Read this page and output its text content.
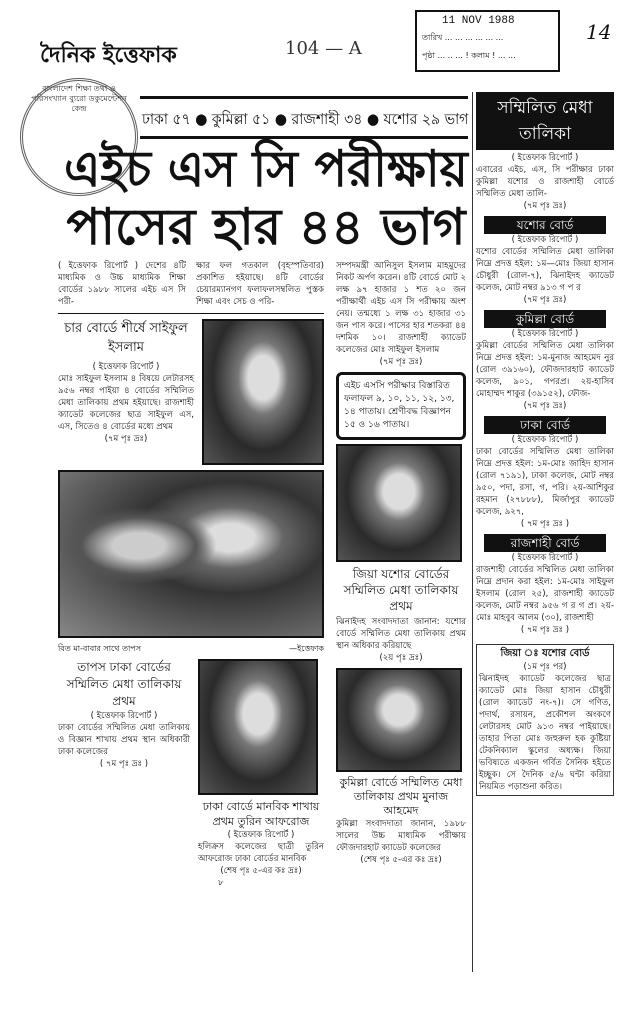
দৈনিক ইত্তেফাক	104 — A
11 NOV 1988
তারিখ ... ... ... ... ... ...
পৃষ্ঠা ... .. ... ! কলাম ! ... ...
14
বাংলাদেশ শিক্ষা তথ্য ও পরিসংখ্যান ব্যুরো ডকুমেন্টেশন কেন্দ্র
ঢাকা ৫৭ ● কুমিল্লা ৫১ ● রাজশাহী ৩৪ ● যশোর ২৯ ভাগ
এইচ এস সি পরীক্ষায়
পাসের হার ৪৪ ভাগ
( ইত্তেফাক রিপোর্ট ) দেশের ৪টি মাধ্যমিক ও উচ্চ মাধ্যমিক শিক্ষা বোর্ডের ১৯৮৮ সালের এইচ এস সি পরী-
ক্ষার ফল গতকাল (বৃহস্পতিবার) প্রকাশিত হইয়াছে। ৪টি বোর্ডের চেয়ারম্যানগণ ফলাফলসম্বলিত পুস্তক শিক্ষা এবং সেচ ও পরি-
চার বোর্ডে শীর্ষে সাইফুল ইসলাম
( ইত্তেফাক রিপোর্ট )
মোঃ সাইফুল ইসলাম ৪ বিষয়ে লেটারসহ ৯৫৬ নম্বর পাইয়া ৪ বোর্ডের সম্মিলিত মেধা তালিকায় প্রথম হইয়াছে। রাজশাহী ক্যাডেট কলেজের ছাত্র সাইফুল এস, এস, সিতেও ৪ বোর্ডের মধ্যে প্রথম
(৭ম পৃঃ দ্রঃ)
বিত মা-বাবার সাথে তাপস	—ইত্তেফাক
তাপস ঢাকা বোর্ডের সম্মিলিত মেধা তালিকায় প্রথম
( ইত্তেফাক রিপোর্ট )
ঢাকা বোর্ডের সম্মিলিত মেধা তালিকায় ও বিজ্ঞান শাখায় প্রথম স্থান অধিকারী ঢাকা কলেজের
( ৭ম পৃঃ দ্রঃ )
ঢাকা বোর্ডে মানবিক শাখায় প্রথম তুরিন আফরোজ
( ইত্তেফাক রিপোর্ট )
হলিক্রস কলেজের ছাত্রী তুরিন আফরোজ ঢাকা বোর্ডের মানবিক
(শেষ পৃঃ ৫-এর কঃ দ্রঃ)
৮
সম্পদমন্ত্রী আনিসুল ইসলাম মাহমুদের নিকট অর্পণ করেন। ৪টি বোর্ডে মোট ২ লক্ষ ৯৭ হাজার ১ শত ২০ জন পরীক্ষার্থী এইচ এস সি পরীক্ষায় অংশ নেয়। তন্মধ্যে ১ লক্ষ ৩১ হাজার ৩১ জন পাস করে। পাসের হার শতকরা ৪৪ দশমিক ১০। রাজশাহী ক্যাডেট কলেজের মোঃ সাইফুল ইসলাম
(৭ম পৃঃ দ্রঃ)
এইচ এসসি পরীক্ষার বিস্তারিত ফলাফল ৯, ১০, ১১, ১২, ১৩, ১৪ পাতায়। শ্রেণীবদ্ধ বিজ্ঞাপন ১৫ ও ১৬ পাতায়।
জিয়া যশোর বোর্ডের সম্মিলিত মেধা তালিকায় প্রথম
ঝিনাইদহ সংবাদদাতা জানান: যশোর বোর্ডে সম্মিলিত মেধা তালিকায় প্রথম স্থান অধিকার করিয়াছে
(২য় পৃঃ দ্রঃ)
কুমিল্লা বোর্ডে সম্মিলিত মেধা তালিকায় প্রথম মুনাজ আহমেদ
কুমিল্লা সংবাদদাতা জানান, ১৯৮৮ সালের উচ্চ মাধ্যমিক পরীক্ষায় ফৌজদারহাট ক্যাডেট কলেজের
(শেষ পৃঃ ৫-এর কঃ দ্রঃ)
সম্মিলিত মেধা তালিকা
( ইত্তেফাক রিপোর্ট )
এবারের এইচ, এস, সি পরীক্ষার ঢাকা কুমিল্লা যশোর ও রাজশাহী বোর্ডে সম্মিলিত মেধা তালি-
(৭ম পৃঃ দ্রঃ)
যশোর বোর্ড
( ইত্তেফাক রিপোর্ট )
যশোর বোর্ডের সম্মিলিত মেধা তালিকা নিম্নে প্রদত্ত হইল: ১ম—মোঃ জিয়া হাসান চৌধুরী (রোল-৭), ঝিনাইদহ ক্যাডেট কলেজ, মোট নম্বর ৯১৩ গ প র
(৭ম পৃঃ দ্রঃ)
কুমিল্লা বোর্ড
( ইত্তেফাক রিপোর্ট )
কুমিল্লা বোর্ডের সম্মিলিত মেধা তালিকা নিম্নে প্রদত্ত হইল: ১ম-মুনাজ আহমেদ নুর (রোল ৩৯১৬০), ফৌজদারহাট ক্যাডেট কলেজ, ৯০১, গপরপ্র। ২য়-হাসিব মোহাম্মদ শাকুর (৩৯১৫২), ফৌজ-
(৭ম পৃঃ দ্রঃ)
ঢাকা বোর্ড
( ইত্তেফাক রিপোর্ট )
ঢাকা বোর্ডের সম্মিলিত মেধা তালিকা নিম্নে প্রদত্ত হইল: ১ম-মোঃ জাহিদ হাসান (রোল ৭১৯১), ঢাকা কলেজ, মোট নম্বর ৯৫০, পদা, রসা, গ, পরি। ২য়-আশিকুর রহমান (২৭৮৮৮), মির্জাপুর ক্যাডেট কলেজ, ৯২৭,
( ৭ম পৃঃ দ্রঃ )
রাজশাহী বোর্ড
( ইত্তেফাক রিপোর্ট )
রাজশাহী বোর্ডের সম্মিলিত মেধা তালিকা নিম্নে প্রদান করা হইল: ১ম-মোঃ সাইফুল ইসলাম (রোল ২৫), রাজশাহী ক্যাডেট কলেজ, মোট নম্বর ৯৫৬ গ র গ প্র। ২য়-মোঃ মাহবুব আলম (৩০), রাজশাহী
( ৭ম পৃঃ দ্রঃ )
জিয়া ঃ যশোর বোর্ড
(১ম পৃঃ পর)
ঝিনাইদহ ক্যাডেট কলেজের ছাত্র ক্যাডেট মোঃ জিয়া হাসান চৌধুরী (রোল ক্যাডেট নং-৭)। সে গণিত, পদার্থ, রসায়ন, প্রকৌশল অংকণে লেটারসহ মোট ৯১৩ নম্বর পাইয়াছে। তাহার পিতা মোঃ জহুরুল হক কুষ্টিয়া টেকনিক্যাল স্কুলের অধ্যক্ষ। জিয়া ভবিষ্যতে একজন গর্বিত সৈনিক হইতে ইচ্ছুক। সে দৈনিক ৫/৬ ঘন্টা করিয়া নিয়মিত পড়াশুনা করিত।
